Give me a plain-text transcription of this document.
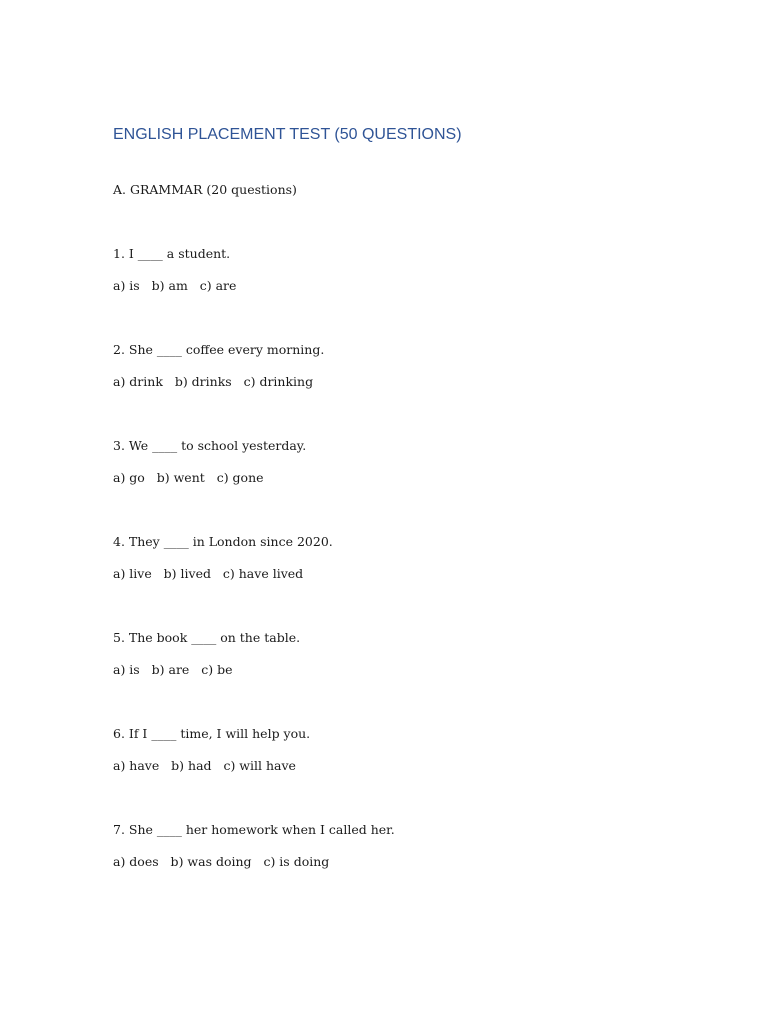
ENGLISH PLACEMENT TEST (50 QUESTIONS)

A. GRAMMAR (20 questions)

1. I ____ a student.

a) is   b) am   c) are

2. She ____ coffee every morning.

a) drink   b) drinks   c) drinking

3. We ____ to school yesterday.

a) go   b) went   c) gone

4. They ____ in London since 2020.

a) live   b) lived   c) have lived

5. The book ____ on the table.

a) is   b) are   c) be

6. If I ____ time, I will help you.

a) have   b) had   c) will have

7. She ____ her homework when I called her.

a) does   b) was doing   c) is doing
